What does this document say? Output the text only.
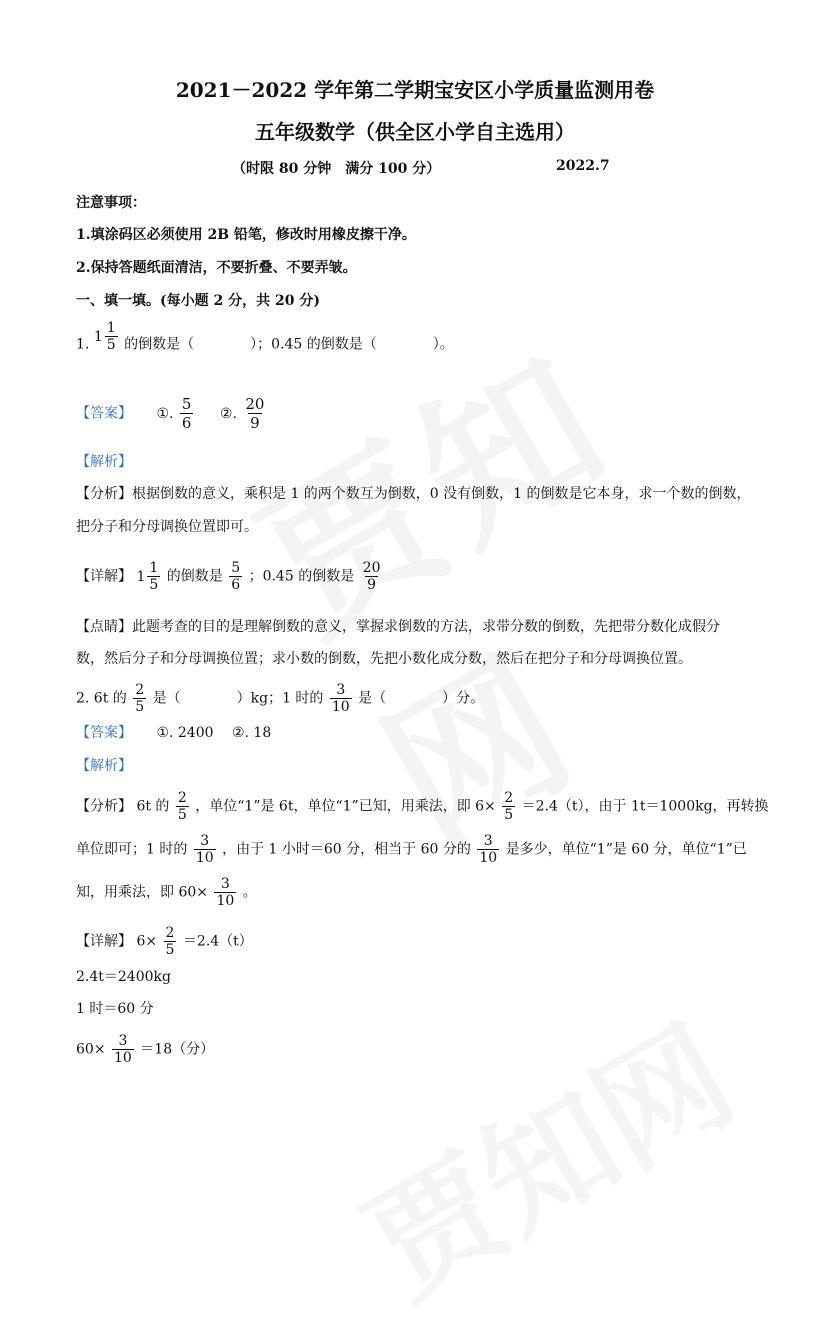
2021－2022 学年第二学期宝安区小学质量监测用卷
五年级数学（供全区小学自主选用）
（时限 80 分钟　满分 100 分）	2022.7
注意事项：
1.填涂码区必须使用 2B 铅笔，修改时用橡皮擦干净。
2.保持答题纸面清洁，不要折叠、不要弄皱。
一、填一填。(每小题 2 分，共 20 分)
1. $1 \frac{1}{5}$ 的倒数是（　　　　）；0.45 的倒数是（　　　　）。
【答案】 ①. $\frac{5}{6}$ ②. $\frac{20}{9}$
【解析】
【分析】根据倒数的意义，乘积是 1 的两个数互为倒数，0 没有倒数，1 的倒数是它本身，求一个数的倒数，
把分子和分母调换位置即可。
【详解】 $1 \frac{1}{5}$ 的倒数是 $\frac{5}{6}$ ；0.45 的倒数是 $\frac{20}{9}$
【点睛】此题考查的目的是理解倒数的意义，掌握求倒数的方法，求带分数的倒数，先把带分数化成假分
数，然后分子和分母调换位置；求小数的倒数，先把小数化成分数，然后在把分子和分母调换位置。
2. 6t 的 $\frac{2}{5}$ 是（　　　　）kg；1 时的 $\frac{3}{10}$ 是（　　　　）分。
【答案】 ①. 2400　 ②. 18
【解析】
【分析】 6t 的 $\frac{2}{5}$ ，单位“1”是 6t，单位“1”已知，用乘法，即 $6\times \frac{2}{5} =2.4(t)$，由于 1t＝1000kg，再转换
单位即可；1 时的 $\frac{3}{10}$ ，由于 1 小时＝60 分，相当于 60 分的 $\frac{3}{10}$ 是多少，单位“1”是 60 分，单位“1”已
知，用乘法，即 $60\times \frac{3}{10}$ 。
【详解】 $6\times \frac{2}{5} =2.4(t)$
2.4t＝2400kg
1 时＝60 分
$60\times \frac{3}{10} =18$（分）
